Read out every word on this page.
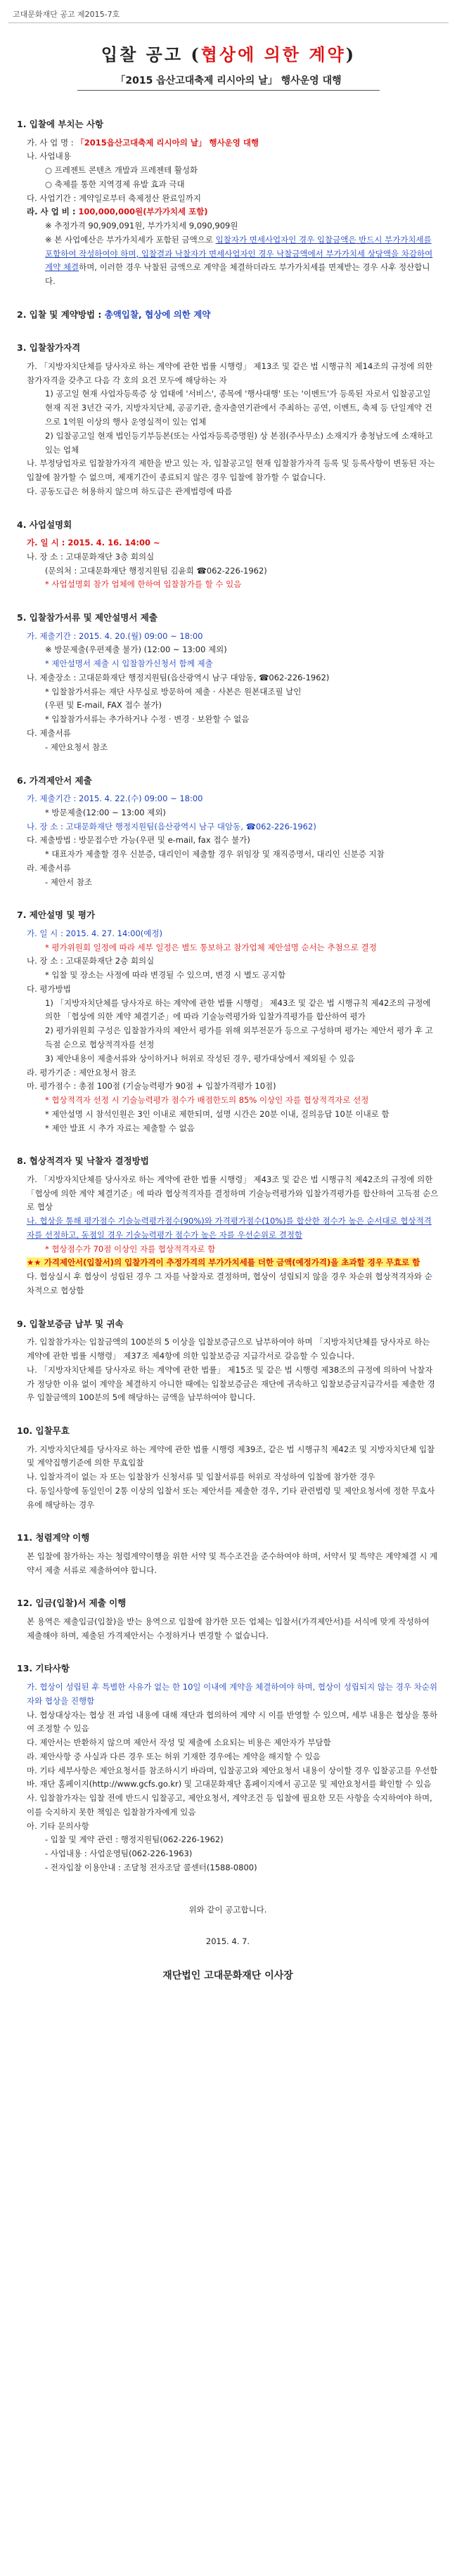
고대문화재단 공고 제2015-7호
입찰 공고 (협상에 의한 계약)
「2015 읍산고대축제 리시아의 날」 행사운영 대행
1. 입찰에 부치는 사항
가. 사 업 명 : 「2015읍산고대축제 리시아의 날」 행사운영 대행
나. 사업내용
○ 프레젠트 콘텐츠 개발과 프레젠테 활성화
○ 축제를 통한 지역경제 유발 효과 극대
다. 사업기간 : 계약일로부터 축제정산 완료일까지
라. 사 업 비 : 100,000,000원(부가가치세 포함)
※ 추정가격 90,909,091원, 부가가치세 9,090,909원
※ 본 사업예산은 부가가치세가 포함된 금액으로 입찰자가 면세사업자인 경우 입찰금액은 반드시 부가가치세를 포함하여 작성하여야 하며, 입찰결과 낙찰자가 면세사업자인 경우 낙찰금액에서 부가가치세 상당액을 차감하여 계약 체결하며, 이러한 경우 낙찰된 금액으로 계약을 체결하더라도 부가가치세를 면제받는 경우 사후 정산합니다.
2. 입찰 및 계약방법 : 총액입찰, 협상에 의한 계약
3. 입찰참가자격
가. 「지방자치단체를 당사자로 하는 계약에 관한 법률 시행령」 제13조 및 같은 법 시행규칙 제14조의 규정에 의한 참가자격을 갖추고 다음 각 호의 요건 모두에 해당하는 자
1) 공고일 현재 사업자등록증 상 업태에 '서비스', 종목에 '행사대행' 또는 '이벤트'가 등록된 자로서 입찰공고일 현재 직전 3년간 국가, 지방자치단체, 공공기관, 출자출연기관에서 주최하는 공연, 이벤트, 축제 등 단일계약 건으로 1억원 이상의 행사 운영실적이 있는 업체
2) 입찰공고일 현재 법인등기부등본(또는 사업자등록증명원) 상 본점(주사무소) 소재지가 충청남도에 소재하고 있는 업체
나. 부정당업자로 입찰참가자격 제한을 받고 있는 자, 입찰공고일 현재 입찰참가자격 등록 및 등록사항이 변동된 자는 입찰에 참가할 수 없으며, 제재기간이 종료되지 않은 경우 입찰에 참가할 수 없습니다.
다. 공동도급은 허용하지 않으며 하도급은 관계법령에 따름
4. 사업설명회
가. 일 시 : 2015. 4. 16. 14:00 ~
나. 장 소 : 고대문화재단 3층 회의실
(문의처 : 고대문화재단 행정지원팀 김윤희 ☎062-226-1962)
* 사업설명회 참가 업체에 한하여 입찰참가를 할 수 있음
5. 입찰참가서류 및 제안설명서 제출
가. 제출기간 : 2015. 4. 20.(월) 09:00 ~ 18:00
※ 방문제출(우편제출 불가) (12:00 ~ 13:00 제외)
* 제안설명서 제출 시 입찰참가신청서 함께 제출
나. 제출장소 : 고대문화재단 행정지원팀(읍산광역시 남구 대암동, ☎062-226-1962)
* 입찰참가서류는 재단 사무실로 방문하여 제출 · 사본은 원본대조필 날인
(우편 및 E-mail, FAX 접수 불가)
* 입찰참가서류는 추가하거나 수정 · 변경 · 보완할 수 없음
다. 제출서류
- 제안요청서 참조
6. 가격제안서 제출
가. 제출기간 : 2015. 4. 22.(수) 09:00 ~ 18:00
* 방문제출(12:00 ~ 13:00 제외)
나. 장 소 : 고대문화재단 행정지원팀(읍산광역시 남구 대암동, ☎062-226-1962)
다. 제출방법 : 방문접수만 가능(우편 및 e-mail, fax 접수 불가)
* 대표자가 제출할 경우 신분증, 대리인이 제출할 경우 위임장 및 재직증명서, 대리인 신분증 지참
라. 제출서류
- 제안서 참조
7. 제안설명 및 평가
가. 일 시 : 2015. 4. 27. 14:00(예정)
* 평가위원회 일정에 따라 세부 일정은 별도 통보하고 참가업체 제안설명 순서는 추첨으로 결정
나. 장 소 : 고대문화재단 2층 회의실
* 입찰 및 장소는 사정에 따라 변경될 수 있으며, 변경 시 별도 공지함
다. 평가방법
1) 「지방자치단체를 당사자로 하는 계약에 관한 법률 시행령」 제43조 및 같은 법 시행규칙 제42조의 규정에 의한 「협상에 의한 계약 체결기준」에 따라 기술능력평가와 입찰가격평가를 합산하여 평가
2) 평가위원회 구성은 입찰참가자의 제안서 평가를 위해 외부전문가 등으로 구성하며 평가는 제안서 평가 후 고득점 순으로 협상적격자를 선정
3) 제안내용이 제출서류와 상이하거나 허위로 작성된 경우, 평가대상에서 제외될 수 있음
라. 평가기준 : 제안요청서 참조
마. 평가점수 : 총점 100점 (기술능력평가 90점 + 입찰가격평가 10점)
* 협상적격자 선정 시 기술능력평가 점수가 배점한도의 85% 이상인 자를 협상적격자로 선정
* 제안설명 시 참석인원은 3인 이내로 제한되며, 설명 시간은 20분 이내, 질의응답 10분 이내로 함
* 제안 발표 시 추가 자료는 제출할 수 없음
8. 협상적격자 및 낙찰자 결정방법
가. 「지방자치단체를 당사자로 하는 계약에 관한 법률 시행령」 제43조 및 같은 법 시행규칙 제42조의 규정에 의한 「협상에 의한 계약 체결기준」에 따라 협상적격자를 결정하며 기술능력평가와 입찰가격평가를 합산하여 고득점 순으로 협상
나. 협상을 통해 평가점수 기술능력평가점수(90%)와 가격평가점수(10%)를 합산한 점수가 높은 순서대로 협상적격자를 선정하고, 동점일 경우 기술능력평가 점수가 높은 자를 우선순위로 결정함
* 협상점수가 70점 이상인 자를 협상적격자로 함
★★ 가격제안서(입찰서)의 입찰가격이 추정가격의 부가가치세를 더한 금액(예정가격)을 초과할 경우 무효로 함
다. 협상실시 후 협상이 성립된 경우 그 자를 낙찰자로 결정하며, 협상이 성립되지 않을 경우 차순위 협상적격자와 순차적으로 협상함
9. 입찰보증금 납부 및 귀속
가. 입찰참가자는 입찰금액의 100분의 5 이상을 입찰보증금으로 납부하여야 하며 「지방자치단체를 당사자로 하는 계약에 관한 법률 시행령」 제37조 제4항에 의한 입찰보증금 지급각서로 갈음할 수 있습니다.
나. 「지방자치단체를 당사자로 하는 계약에 관한 법률」 제15조 및 같은 법 시행령 제38조의 규정에 의하여 낙찰자가 정당한 이유 없이 계약을 체결하지 아니한 때에는 입찰보증금은 재단에 귀속하고 입찰보증금지급각서를 제출한 경우 입찰금액의 100분의 5에 해당하는 금액을 납부하여야 합니다.
10. 입찰무효
가. 지방자치단체를 당사자로 하는 계약에 관한 법률 시행령 제39조, 같은 법 시행규칙 제42조 및 지방자치단체 입찰 및 계약집행기준에 의한 무효입찰
나. 입찰자격이 없는 자 또는 입찰참가 신청서류 및 입찰서류를 허위로 작성하여 입찰에 참가한 경우
다. 동일사항에 동일인이 2통 이상의 입찰서 또는 제안서를 제출한 경우, 기타 관련법령 및 제안요청서에 정한 무효사유에 해당하는 경우
11. 청렴계약 이행
본 입찰에 참가하는 자는 청렴계약이행을 위한 서약 및 특수조건을 준수하여야 하며, 서약서 및 특약은 계약체결 시 계약서 제출 서류로 제출하여야 합니다.
12. 입금(입찰)서 제출 이행
본 용역은 제출입금(입찰)을 받는 용역으로 입찰에 참가한 모든 업체는 입찰서(가격제안서)를 서식에 맞게 작성하여 제출해야 하며, 제출된 가격제안서는 수정하거나 변경할 수 없습니다.
13. 기타사항
가. 협상이 성립된 후 특별한 사유가 없는 한 10일 이내에 계약을 체결하여야 하며, 협상이 성립되지 않는 경우 차순위자와 협상을 진행함
나. 협상대상자는 협상 전 과업 내용에 대해 재단과 협의하여 계약 시 이를 반영할 수 있으며, 세부 내용은 협상을 통하여 조정할 수 있음
다. 제안서는 반환하지 않으며 제안서 작성 및 제출에 소요되는 비용은 제안자가 부담함
라. 제안사항 중 사실과 다른 경우 또는 허위 기재한 경우에는 계약을 해지할 수 있음
마. 기타 세부사항은 제안요청서를 참조하시기 바라며, 입찰공고와 제안요청서 내용이 상이할 경우 입찰공고를 우선함
바. 재단 홈페이지(http://www.gcfs.go.kr) 및 고대문화재단 홈페이지에서 공고문 및 제안요청서를 확인할 수 있음
사. 입찰참가자는 입찰 전에 반드시 입찰공고, 제안요청서, 계약조건 등 입찰에 필요한 모든 사항을 숙지하여야 하며, 이를 숙지하지 못한 책임은 입찰참가자에게 있음
아. 기타 문의사항
- 입찰 및 계약 관련 : 행정지원팀(062-226-1962)
- 사업내용 : 사업운영팀(062-226-1963)
- 전자입찰 이용안내 : 조달청 전자조달 콜센터(1588-0800)
위와 같이 공고합니다.
2015. 4. 7.
재단법인 고대문화재단 이사장
